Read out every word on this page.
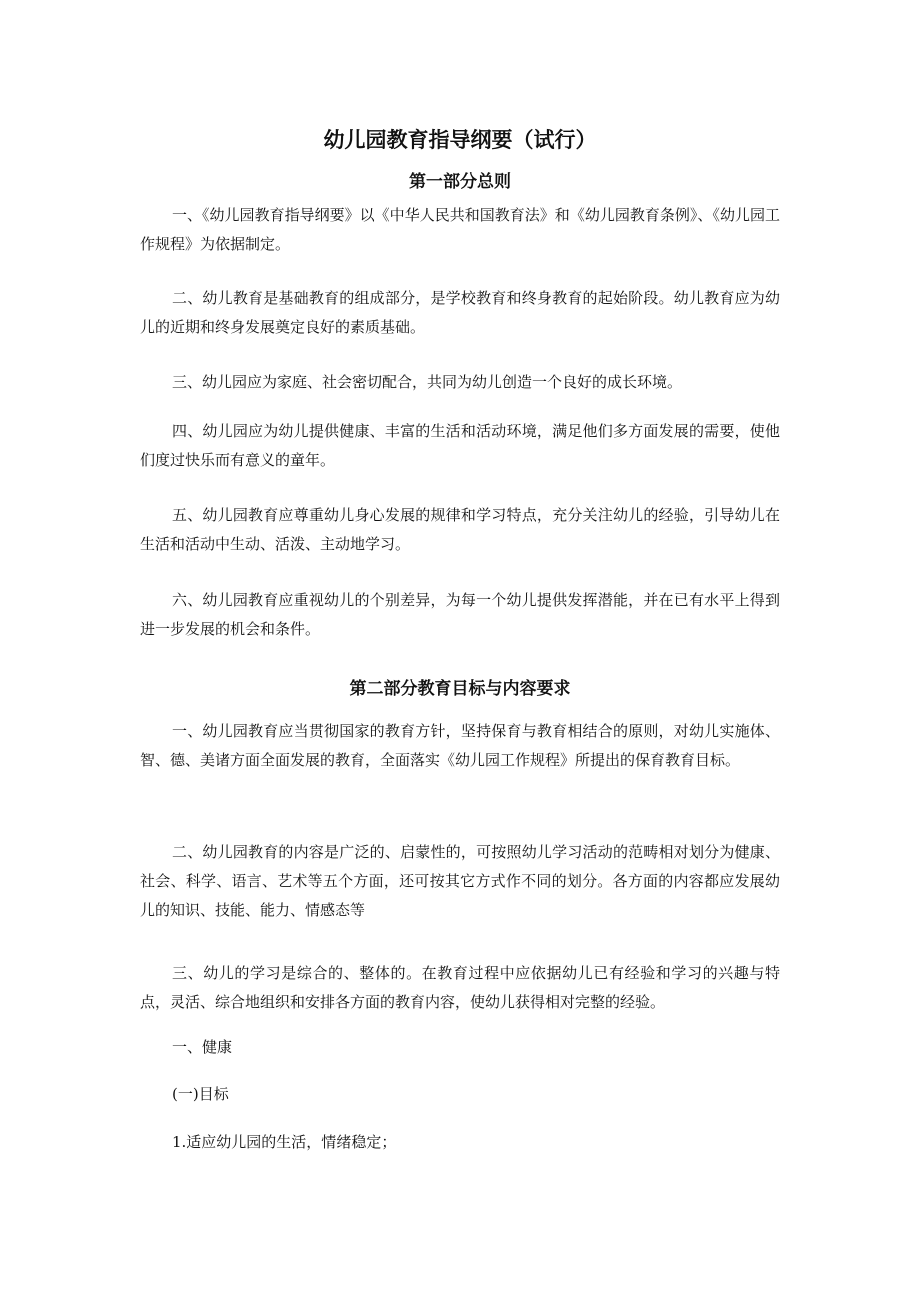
幼儿园教育指导纲要（试行）
第一部分总则

一、《幼儿园教育指导纲要》以《中华人民共和国教育法》和《幼儿园教育条例》、《幼儿园工作规程》为依据制定。

二、幼儿教育是基础教育的组成部分，是学校教育和终身教育的起始阶段。幼儿教育应为幼儿的近期和终身发展奠定良好的素质基础。

三、幼儿园应为家庭、社会密切配合，共同为幼儿创造一个良好的成长环境。

四、幼儿园应为幼儿提供健康、丰富的生活和活动环境，满足他们多方面发展的需要，使他们度过快乐而有意义的童年。

五、幼儿园教育应尊重幼儿身心发展的规律和学习特点，充分关注幼儿的经验，引导幼儿在生活和活动中生动、活泼、主动地学习。

六、幼儿园教育应重视幼儿的个别差异，为每一个幼儿提供发挥潜能，并在已有水平上得到进一步发展的机会和条件。

第二部分教育目标与内容要求

一、幼儿园教育应当贯彻国家的教育方针，坚持保育与教育相结合的原则，对幼儿实施体、智、德、美诸方面全面发展的教育，全面落实《幼儿园工作规程》所提出的保育教育目标。

二、幼儿园教育的内容是广泛的、启蒙性的，可按照幼儿学习活动的范畴相对划分为健康、社会、科学、语言、艺术等五个方面，还可按其它方式作不同的划分。各方面的内容都应发展幼儿的知识、技能、能力、情感态等

三、幼儿的学习是综合的、整体的。在教育过程中应依据幼儿已有经验和学习的兴趣与特点，灵活、综合地组织和安排各方面的教育内容，使幼儿获得相对完整的经验。

一、健康

(一)目标

1.适应幼儿园的生活，情绪稳定；
